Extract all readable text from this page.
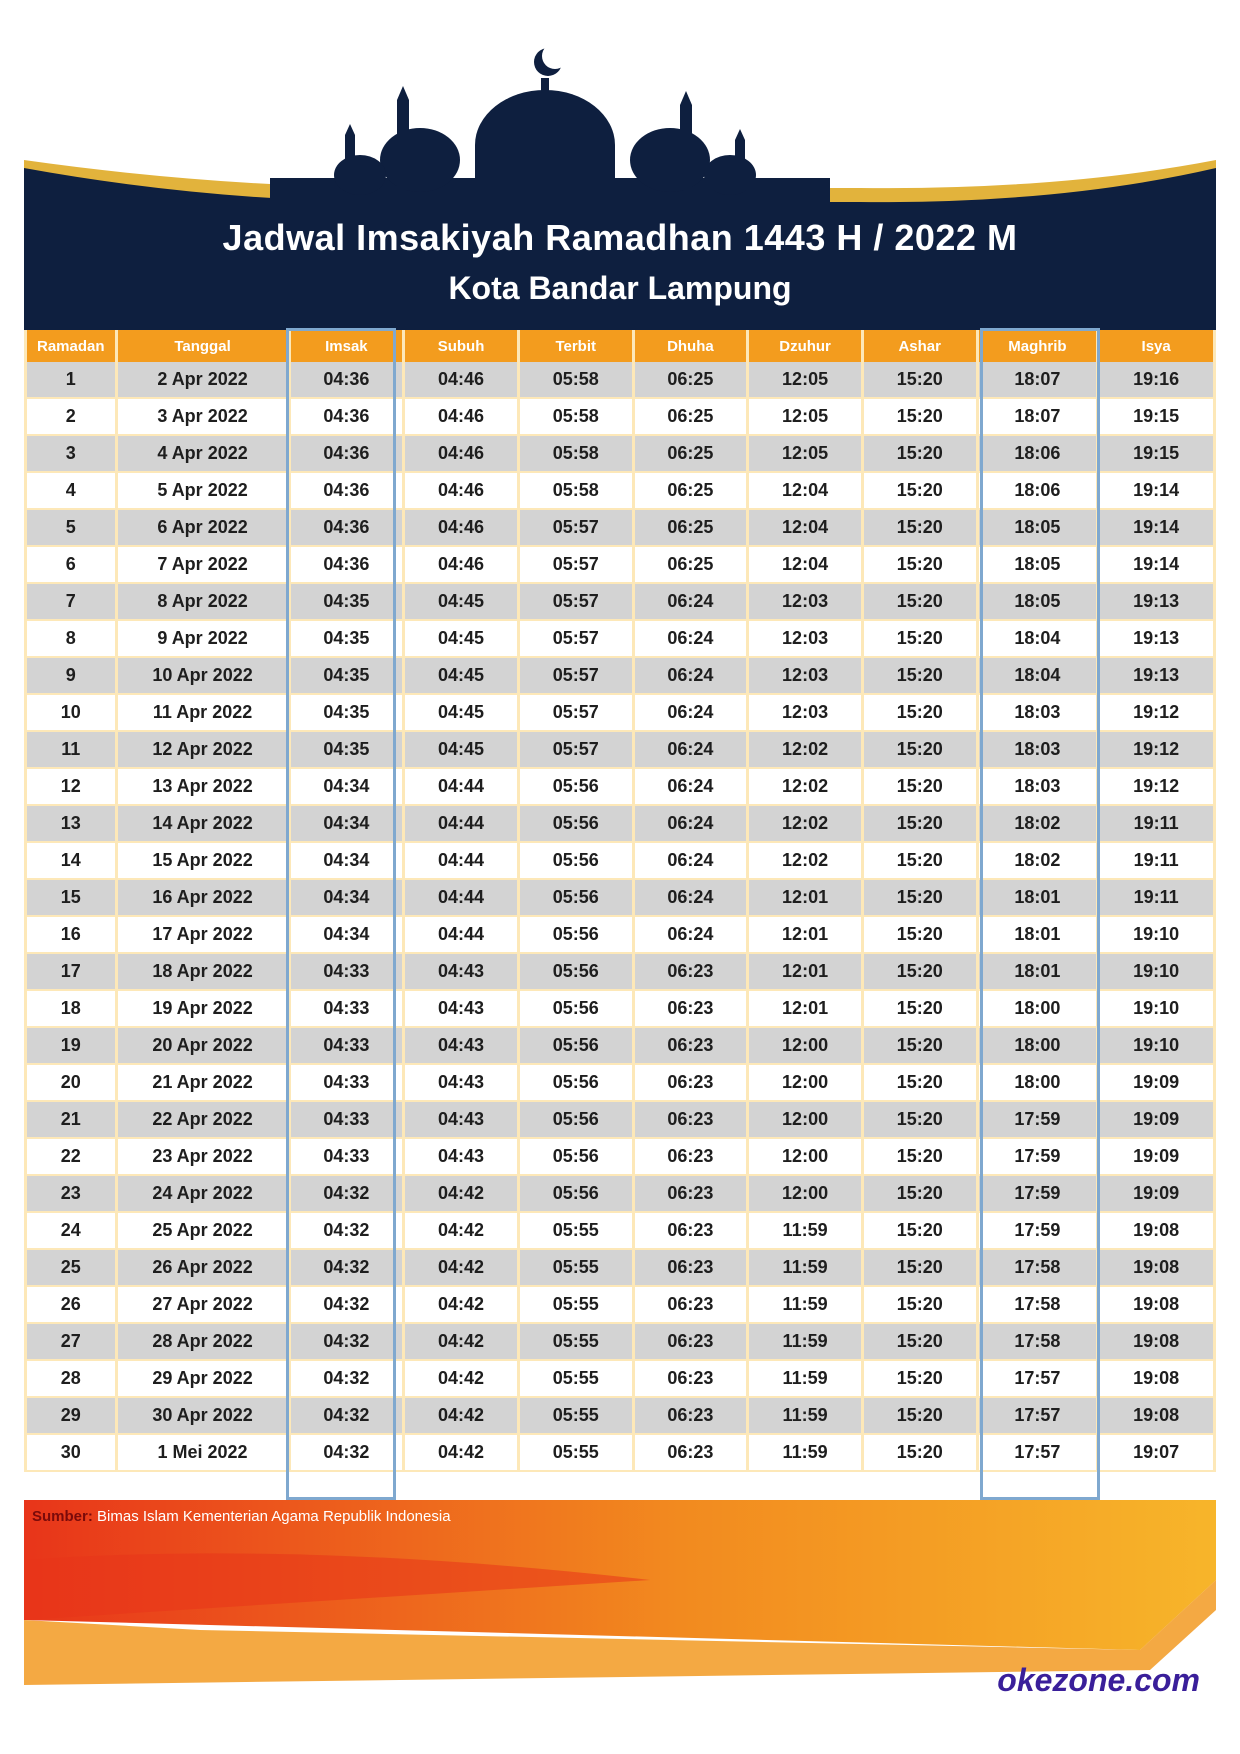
Jadwal Imsakiyah Ramadhan 1443 H / 2022 M
Kota Bandar Lampung
Ramadan	Tanggal	Imsak	Subuh	Terbit	Dhuha	Dzuhur	Ashar	Maghrib	Isya
1	2 Apr 2022	04:36	04:46	05:58	06:25	12:05	15:20	18:07	19:16
2	3 Apr 2022	04:36	04:46	05:58	06:25	12:05	15:20	18:07	19:15
3	4 Apr 2022	04:36	04:46	05:58	06:25	12:05	15:20	18:06	19:15
4	5 Apr 2022	04:36	04:46	05:58	06:25	12:04	15:20	18:06	19:14
5	6 Apr 2022	04:36	04:46	05:57	06:25	12:04	15:20	18:05	19:14
6	7 Apr 2022	04:36	04:46	05:57	06:25	12:04	15:20	18:05	19:14
7	8 Apr 2022	04:35	04:45	05:57	06:24	12:03	15:20	18:05	19:13
8	9 Apr 2022	04:35	04:45	05:57	06:24	12:03	15:20	18:04	19:13
9	10 Apr 2022	04:35	04:45	05:57	06:24	12:03	15:20	18:04	19:13
10	11 Apr 2022	04:35	04:45	05:57	06:24	12:03	15:20	18:03	19:12
11	12 Apr 2022	04:35	04:45	05:57	06:24	12:02	15:20	18:03	19:12
12	13 Apr 2022	04:34	04:44	05:56	06:24	12:02	15:20	18:03	19:12
13	14 Apr 2022	04:34	04:44	05:56	06:24	12:02	15:20	18:02	19:11
14	15 Apr 2022	04:34	04:44	05:56	06:24	12:02	15:20	18:02	19:11
15	16 Apr 2022	04:34	04:44	05:56	06:24	12:01	15:20	18:01	19:11
16	17 Apr 2022	04:34	04:44	05:56	06:24	12:01	15:20	18:01	19:10
17	18 Apr 2022	04:33	04:43	05:56	06:23	12:01	15:20	18:01	19:10
18	19 Apr 2022	04:33	04:43	05:56	06:23	12:01	15:20	18:00	19:10
19	20 Apr 2022	04:33	04:43	05:56	06:23	12:00	15:20	18:00	19:10
20	21 Apr 2022	04:33	04:43	05:56	06:23	12:00	15:20	18:00	19:09
21	22 Apr 2022	04:33	04:43	05:56	06:23	12:00	15:20	17:59	19:09
22	23 Apr 2022	04:33	04:43	05:56	06:23	12:00	15:20	17:59	19:09
23	24 Apr 2022	04:32	04:42	05:56	06:23	12:00	15:20	17:59	19:09
24	25 Apr 2022	04:32	04:42	05:55	06:23	11:59	15:20	17:59	19:08
25	26 Apr 2022	04:32	04:42	05:55	06:23	11:59	15:20	17:58	19:08
26	27 Apr 2022	04:32	04:42	05:55	06:23	11:59	15:20	17:58	19:08
27	28 Apr 2022	04:32	04:42	05:55	06:23	11:59	15:20	17:58	19:08
28	29 Apr 2022	04:32	04:42	05:55	06:23	11:59	15:20	17:57	19:08
29	30 Apr 2022	04:32	04:42	05:55	06:23	11:59	15:20	17:57	19:08
30	1 Mei 2022	04:32	04:42	05:55	06:23	11:59	15:20	17:57	19:07
Sumber: Bimas Islam Kementerian Agama Republik Indonesia
okezone.com
